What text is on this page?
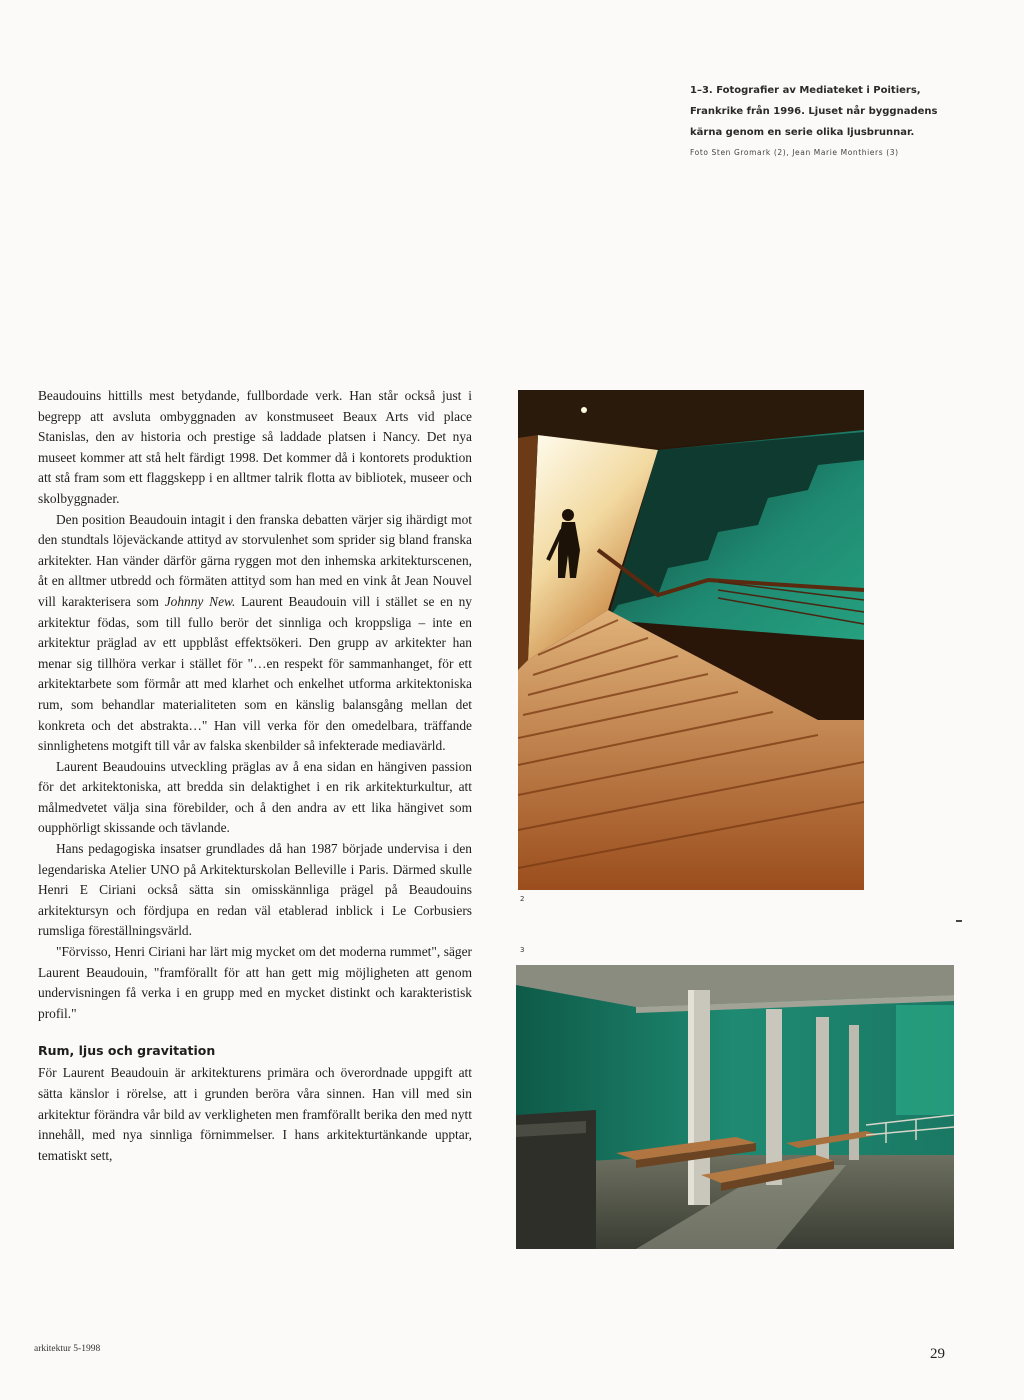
1–3. Fotografier av Mediateket i Poitiers,
Frankrike från 1996. Ljuset når byggnadens
kärna genom en serie olika ljusbrunnar.
Foto Sten Gromark (2), Jean Marie Monthiers (3)

Beaudouins hittills mest betydande, fullbordade verk. Han står också just i begrepp att avsluta ombyggnaden av konstmuseet Beaux Arts vid place Stanislas, den av historia och prestige så laddade platsen i Nancy. Det nya museet kommer att stå helt färdigt 1998. Det kommer då i kontorets produktion att stå fram som ett flaggskepp i en alltmer talrik flotta av bibliotek, museer och skolbyggnader.

Den position Beaudouin intagit i den franska debatten värjer sig ihärdigt mot den stundtals löjeväckande attityd av storvulenhet som sprider sig bland franska arkitekter. Han vänder därför gärna ryggen mot den inhemska arkitekturscenen, åt en alltmer utbredd och förmäten attityd som han med en vink åt Jean Nouvel vill karakterisera som Johnny New. Laurent Beaudouin vill i stället se en ny arkitektur födas, som till fullo berör det sinnliga och kroppsliga – inte en arkitektur präglad av ett uppblåst effektsökeri. Den grupp av arkitekter han menar sig tillhöra verkar i stället för "…en respekt för sammanhanget, för ett arkitektarbete som förmår att med klarhet och enkelhet utforma arkitektoniska rum, som behandlar materialiteten som en känslig balansgång mellan det konkreta och det abstrakta…" Han vill verka för den omedelbara, träffande sinnlighetens motgift till vår av falska skenbilder så infekterade mediavärld.

Laurent Beaudouins utveckling präglas av å ena sidan en hängiven passion för det arkitektoniska, att bredda sin delaktighet i en rik arkitekturkultur, att målmedvetet välja sina förebilder, och å den andra av ett lika hängivet som oupphörligt skissande och tävlande.

Hans pedagogiska insatser grundlades då han 1987 började undervisa i den legendariska Atelier UNO på Arkitekturskolan Belleville i Paris. Därmed skulle Henri E Ciriani också sätta sin omisskännliga prägel på Beaudouins arkitektursyn och fördjupa en redan väl etablerad inblick i Le Corbusiers rumsliga föreställningsvärld.

"Förvisso, Henri Ciriani har lärt mig mycket om det moderna rummet", säger Laurent Beaudouin, "framförallt för att han gett mig möjligheten att genom undervisningen få verka i en grupp med en mycket distinkt och karakteristisk profil."

Rum, ljus och gravitation

För Laurent Beaudouin är arkitekturens primära och överordnade uppgift att sätta känslor i rörelse, att i grunden beröra våra sinnen. Han vill med sin arkitektur förändra vår bild av verkligheten men framförallt berika den med nytt innehåll, med nya sinnliga förnimmelser. I hans arkitekturtänkande upptar, tematiskt sett,

2
3
arkitektur 5-1998	29
